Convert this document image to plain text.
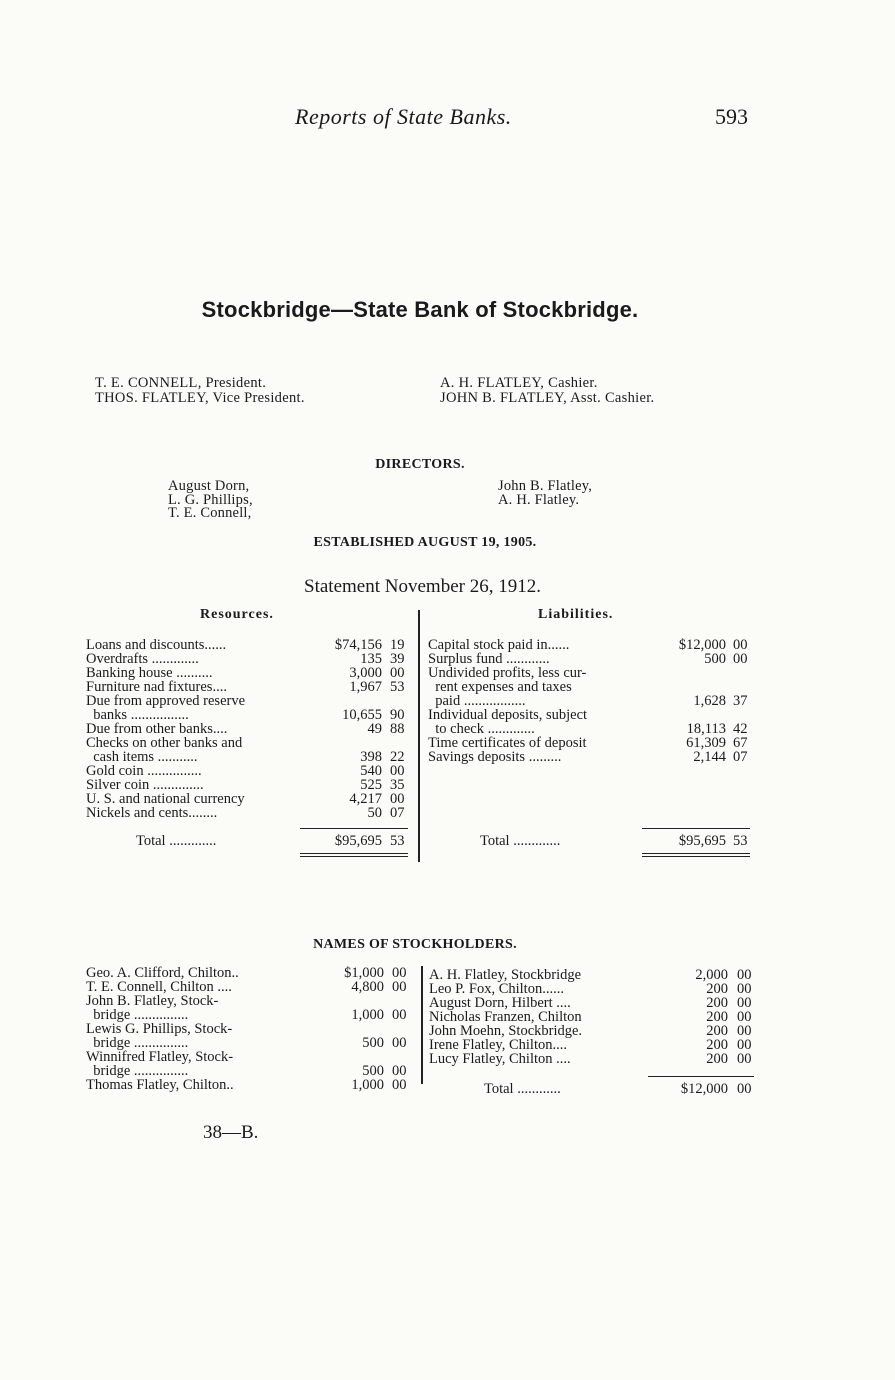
Reports of State Banks.	593
Stockbridge—State Bank of Stockbridge.
T. E. CONNELL, President.
THOS. FLATLEY, Vice President.
A. H. FLATLEY, Cashier.
JOHN B. FLATLEY, Asst. Cashier.
DIRECTORS.
August Dorn,
L. G. Phillips,
T. E. Connell,
John B. Flatley,
A. H. Flatley.
ESTABLISHED AUGUST 19, 1905.
Statement November 26, 1912.
Resources.	Liabilities.
Loans and discounts......	$74,156 19
Overdrafts .............	135 39
Banking house ..........	3,000 00
Furniture nad fixtures....	1,967 53
Due from approved reserve
banks ................	10,655 90
Due from other banks....	49 88
Checks on other banks and
cash items ...........	398 22
Gold coin ...............	540 00
Silver coin ..............	525 35
U. S. and national currency	4,217 00
Nickels and cents........	50 07
Total .............	$95,695 53
Capital stock paid in......	$12,000 00
Surplus fund ............	500 00
Undivided profits, less cur-
rent expenses and taxes
paid .................	1,628 37
Individual deposits, subject
to check .............	18,113 42
Time certificates of deposit	61,309 67
Savings deposits .........	2,144 07
Total .............	$95,695 53
NAMES OF STOCKHOLDERS.
Geo. A. Clifford, Chilton..	$1,000 00
T. E. Connell, Chilton ....	4,800 00
John B. Flatley, Stock-
bridge ...............	1,000 00
Lewis G. Phillips, Stock-
bridge ...............	500 00
Winnifred Flatley, Stock-
bridge ...............	500 00
Thomas Flatley, Chilton..	1,000 00
A. H. Flatley, Stockbridge	2,000 00
Leo P. Fox, Chilton......	200 00
August Dorn, Hilbert ....	200 00
Nicholas Franzen, Chilton	200 00
John Moehn, Stockbridge.	200 00
Irene Flatley, Chilton....	200 00
Lucy Flatley, Chilton ....	200 00
Total ............	$12,000 00
38—B.
